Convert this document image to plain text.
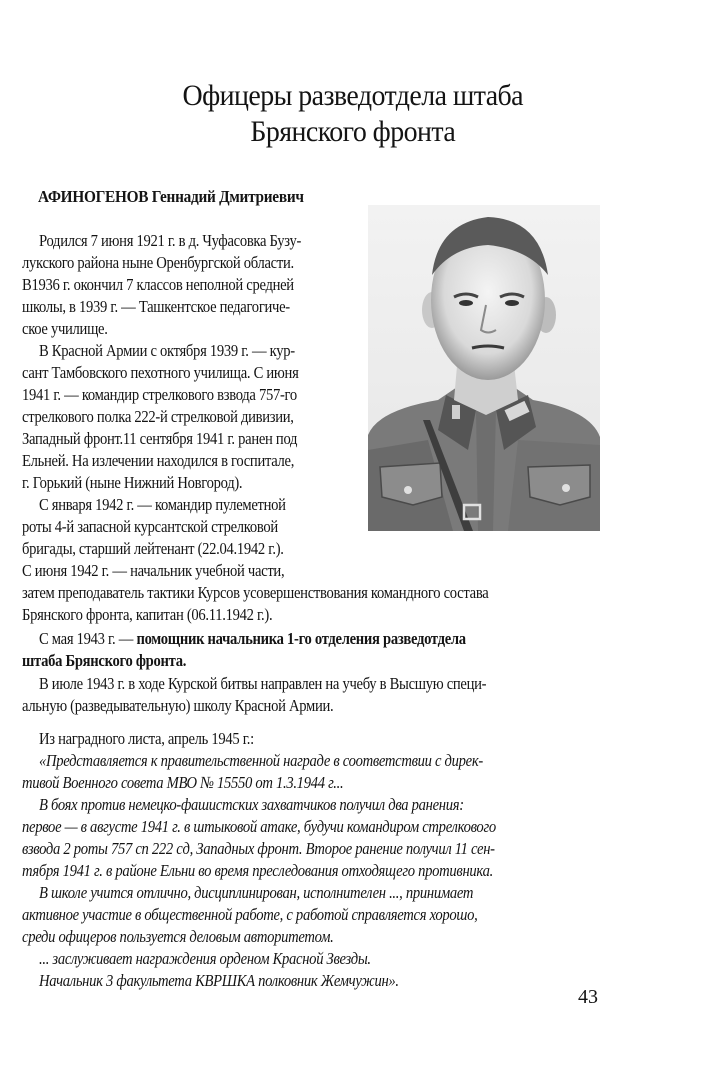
Офицеры разведотдела штаба
Брянского фронта
АФИНОГЕНОВ Геннадий Дмитриевич
Родился 7 июня 1921 г. в д. Чуфасовка Бузу-
лукского района ныне Оренбургской области.
В1936 г. окончил 7 классов неполной средней
школы, в 1939 г. — Ташкентское педагогиче-
ское училище.
В Красной Армии с октября 1939 г. — кур-
сант Тамбовского пехотного училища. С июня
1941 г. — командир стрелкового взвода 757-го
стрелкового полка 222-й стрелковой дивизии,
Западный фронт.11 сентября 1941 г. ранен под
Ельней. На излечении находился в госпитале,
г. Горький (ныне Нижний Новгород).
С января 1942 г. — командир пулеметной
роты 4-й запасной курсантской стрелковой
бригады, старший лейтенант (22.04.1942 г.).
С июня 1942 г. — начальник учебной части,
затем преподаватель тактики Курсов усовершенствования командного состава
Брянского фронта, капитан (06.11.1942 г.).
С мая 1943 г. — помощник начальника 1-го отделения разведотдела
штаба Брянского фронта.
В июле 1943 г. в ходе Курской битвы направлен на учебу в Высшую специ-
альную (разведывательную) школу Красной Армии.
Из наградного листа, апрель 1945 г.:
«Представляется к правительственной награде в соответствии с дирек-
тивой Военного совета МВО № 15550 от 1.3.1944 г...
В боях против немецко-фашистских захватчиков получил два ранения:
первое — в августе 1941 г. в штыковой атаке, будучи командиром стрелкового
взвода 2 роты 757 сп 222 сд, Западных фронт. Второе ранение получил 11 сен-
тября 1941 г. в районе Ельни во время преследования отходящего противника.
В школе учится отлично, дисциплинирован, исполнителен ..., принимает
активное участие в общественной работе, с работой справляется хорошо,
среди офицеров пользуется деловым авторитетом.
... заслуживает награждения орденом Красной Звезды.
Начальник 3 факультета КВРШКА полковник Жемчужин».
43
